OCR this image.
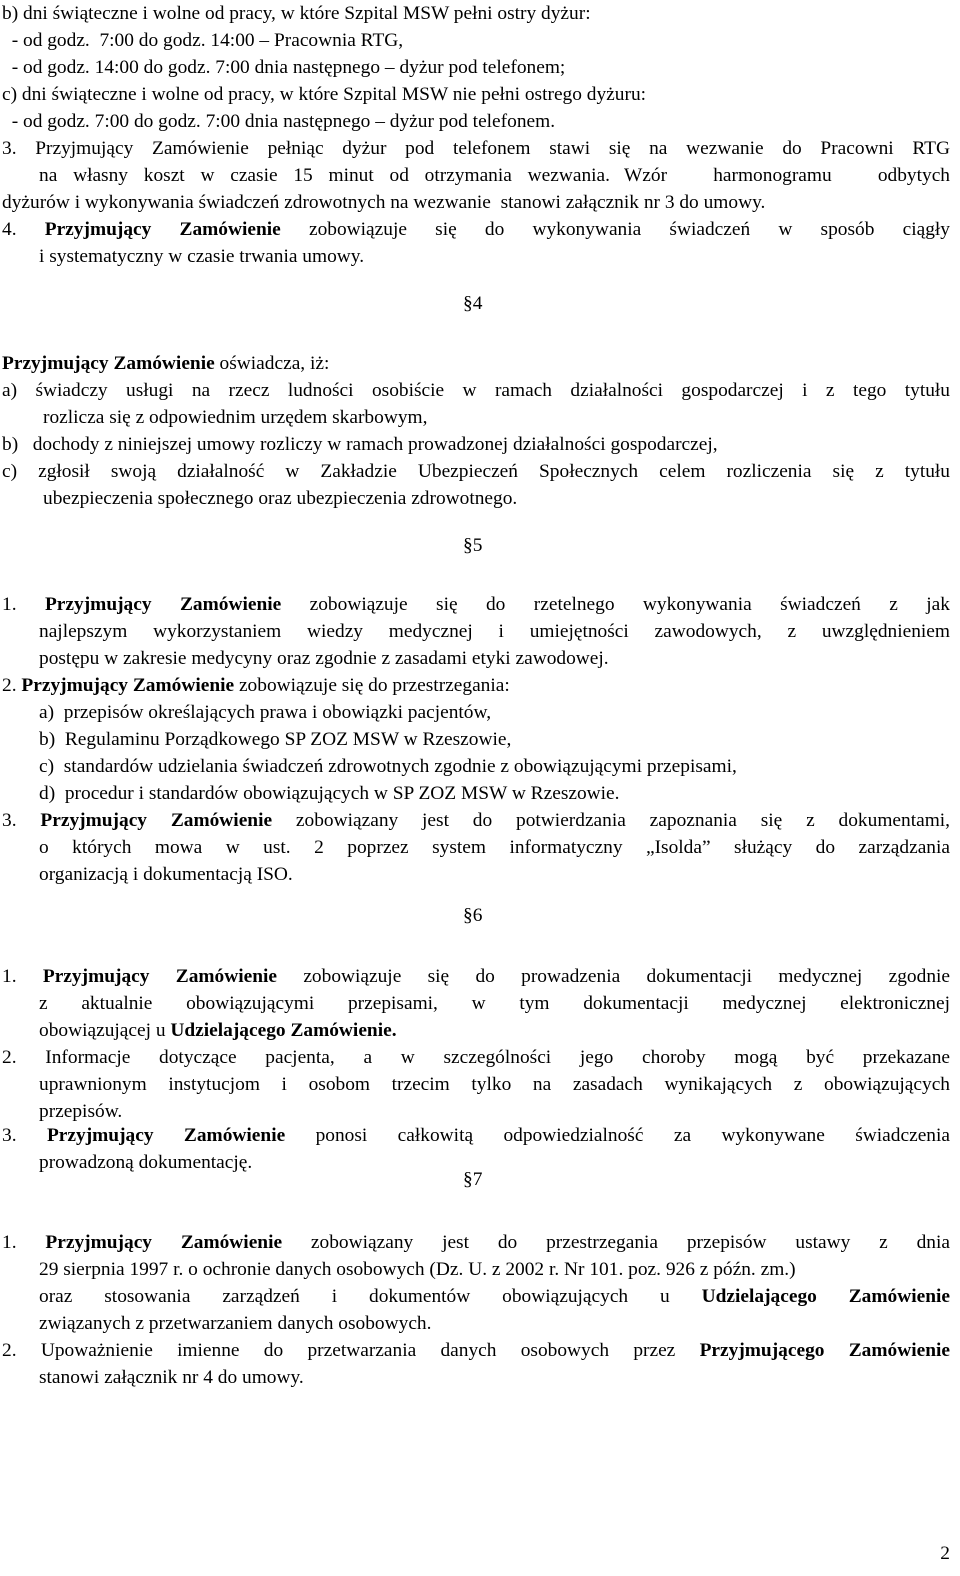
b) dni świąteczne i wolne od pracy, w które Szpital MSW pełni ostry dyżur:
- od godz.  7:00 do godz. 14:00 – Pracownia RTG,
- od godz. 14:00 do godz. 7:00 dnia następnego – dyżur pod telefonem;
c) dni świąteczne i wolne od pracy, w które Szpital MSW nie pełni ostrego dyżuru:
- od godz. 7:00 do godz. 7:00 dnia następnego – dyżur pod telefonem.
3. Przyjmujący Zamówienie pełniąc dyżur pod telefonem stawi się na wezwanie do Pracowni RTG
na własny koszt w czasie 15 minut od otrzymania wezwania. Wzór harmonogramu odbytych
dyżurów i wykonywania świadczeń zdrowotnych na wezwanie  stanowi załącznik nr 3 do umowy.
4. Przyjmujący Zamówienie zobowiązuje się do wykonywania świadczeń w sposób ciągły
i systematyczny w czasie trwania umowy.
Przyjmujący Zamówienie oświadcza, iż:
a) świadczy usługi na rzecz ludności osobiście w ramach działalności gospodarczej i z tego tytułu
rozlicza się z odpowiednim urzędem skarbowym,
b)   dochody z niniejszej umowy rozliczy w ramach prowadzonej działalności gospodarczej,
c) zgłosił swoją działalność w Zakładzie Ubezpieczeń Społecznych celem rozliczenia się z tytułu
ubezpieczenia społecznego oraz ubezpieczenia zdrowotnego.
1. Przyjmujący Zamówienie zobowiązuje się do rzetelnego wykonywania świadczeń z jak
najlepszym wykorzystaniem wiedzy medycznej i umiejętności zawodowych, z uwzględnieniem
postępu w zakresie medycyny oraz zgodnie z zasadami etyki zawodowej.
2. Przyjmujący Zamówienie zobowiązuje się do przestrzegania:
a)  przepisów określających prawa i obowiązki pacjentów,
b)  Regulaminu Porządkowego SP ZOZ MSW w Rzeszowie,
c)  standardów udzielania świadczeń zdrowotnych zgodnie z obowiązującymi przepisami,
d)  procedur i standardów obowiązujących w SP ZOZ MSW w Rzeszowie.
3. Przyjmujący Zamówienie zobowiązany jest do potwierdzania zapoznania się z dokumentami,
o których mowa w ust. 2 poprzez system informatyczny „Isolda” służący do zarządzania
organizacją i dokumentacją ISO.
1. Przyjmujący Zamówienie zobowiązuje się do prowadzenia dokumentacji medycznej zgodnie
z aktualnie obowiązującymi przepisami, w tym dokumentacji medycznej elektronicznej
obowiązującej u Udzielającego Zamówienie.
2. Informacje dotyczące pacjenta, a w szczególności jego choroby mogą być przekazane
uprawnionym instytucjom i osobom trzecim tylko na zasadach wynikających z obowiązujących
przepisów.
3. Przyjmujący Zamówienie ponosi całkowitą odpowiedzialność za wykonywane świadczenia
prowadzoną dokumentację.
1. Przyjmujący Zamówienie zobowiązany jest do przestrzegania przepisów ustawy z dnia
29 sierpnia 1997 r. o ochronie danych osobowych (Dz. U. z 2002 r. Nr 101. poz. 926 z późn. zm.)
oraz stosowania zarządzeń i dokumentów obowiązujących u Udzielającego Zamówienie
związanych z przetwarzaniem danych osobowych.
2. Upoważnienie imienne do przetwarzania danych osobowych przez Przyjmującego Zamówienie
stanowi załącznik nr 4 do umowy.
§4
§5
§6
§7
2
